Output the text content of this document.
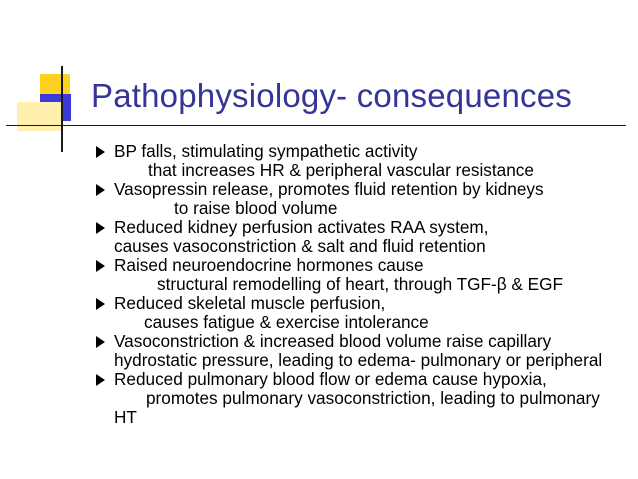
Pathophysiology- consequences
BP falls, stimulating sympathetic activity
that increases HR & peripheral vascular resistance
Vasopressin release, promotes fluid retention by kidneys
to raise blood volume
Reduced kidney perfusion activates RAA system,
causes vasoconstriction & salt and fluid retention
Raised neuroendocrine hormones cause
structural remodelling of heart, through TGF-β & EGF
Reduced skeletal muscle perfusion,
causes fatigue & exercise intolerance
Vasoconstriction & increased blood volume raise capillary
hydrostatic pressure, leading to edema- pulmonary or peripheral
Reduced pulmonary blood flow or edema cause hypoxia,
promotes pulmonary vasoconstriction, leading to pulmonary
HT
